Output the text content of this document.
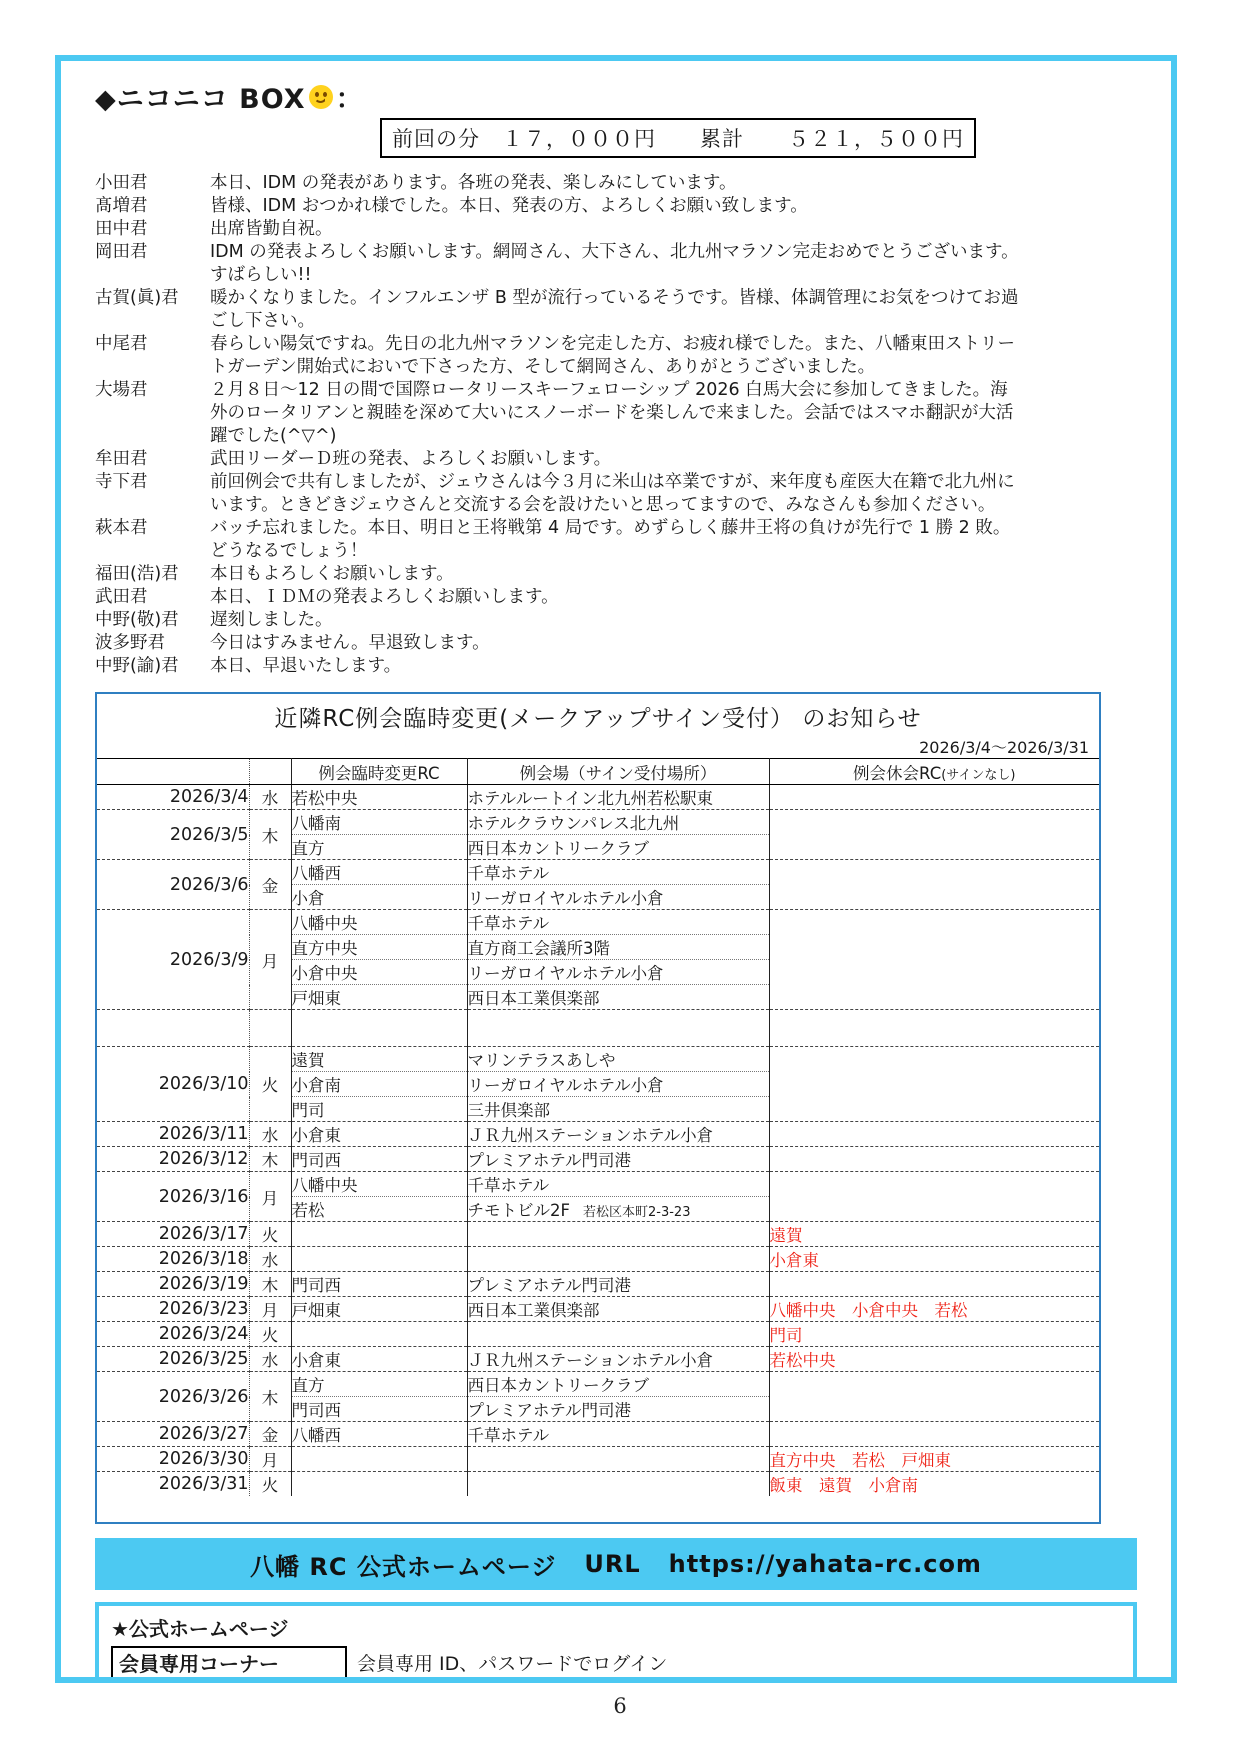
◆ニコニコ BOX ：
前回の分　１７，０００円　　累計　　５２１，５００円
小田君	本日、IDM の発表があります。各班の発表、楽しみにしています。
髙増君	皆様、IDM おつかれ様でした。本日、発表の方、よろしくお願い致します。
田中君	出席皆勤自祝。
岡田君	IDM の発表よろしくお願いします。網岡さん、大下さん、北九州マラソン完走おめでとうございます。すばらしい!!
古賀(眞)君	暖かくなりました。インフルエンザ B 型が流行っているそうです。皆様、体調管理にお気をつけてお過ごし下さい。
中尾君	春らしい陽気ですね。先日の北九州マラソンを完走した方、お疲れ様でした。また、八幡東田ストリートガーデン開始式においで下さった方、そして網岡さん、ありがとうございました。
大場君	２月８日～12 日の間で国際ロータリースキーフェローシップ 2026 白馬大会に参加してきました。海外のロータリアンと親睦を深めて大いにスノーボードを楽しんで来ました。会話ではスマホ翻訳が大活躍でした(^▽^)
牟田君	武田リーダーＤ班の発表、よろしくお願いします。
寺下君	前回例会で共有しましたが、ジェウさんは今３月に米山は卒業ですが、来年度も産医大在籍で北九州にいます。ときどきジェウさんと交流する会を設けたいと思ってますので、みなさんも参加ください。
萩本君	バッチ忘れました。本日、明日と王将戦第 4 局です。めずらしく藤井王将の負けが先行で 1 勝 2 敗。どうなるでしょう！
福田(浩)君	本日もよろしくお願いします。
武田君	本日、ＩＤＭの発表よろしくお願いします。
中野(敬)君	遅刻しました。
波多野君	今日はすみません。早退致します。
中野(諭)君	本日、早退いたします。
近隣RC例会臨時変更(メークアップサイン受付） のお知らせ
2026/3/4～2026/3/31
		例会臨時変更RC	例会場（サイン受付場所）	例会休会RC(サインなし)
2026/3/4	水	若松中央	ホテルルートイン北九州若松駅東	
2026/3/5	木	八幡南	ホテルクラウンパレス北九州	
		直方	西日本カントリークラブ	
2026/3/6	金	八幡西	千草ホテル	
		小倉	リーガロイヤルホテル小倉	
2026/3/9	月	八幡中央	千草ホテル	
		直方中央	直方商工会議所3階	
		小倉中央	リーガロイヤルホテル小倉	
		戸畑東	西日本工業倶楽部	

2026/3/10	火	遠賀	マリンテラスあしや	
		小倉南	リーガロイヤルホテル小倉	
		門司	三井倶楽部	
2026/3/11	水	小倉東	ＪＲ九州ステーションホテル小倉	
2026/3/12	木	門司西	プレミアホテル門司港	
2026/3/16	月	八幡中央	千草ホテル	
		若松	チモトビル2F　若松区本町2-3-23	
2026/3/17	火			遠賀
2026/3/18	水			小倉東
2026/3/19	木	門司西	プレミアホテル門司港	
2026/3/23	月	戸畑東	西日本工業倶楽部	八幡中央　小倉中央　若松
2026/3/24	火			門司
2026/3/25	水	小倉東	ＪＲ九州ステーションホテル小倉	若松中央
2026/3/26	木	直方	西日本カントリークラブ	
		門司西	プレミアホテル門司港	
2026/3/27	金	八幡西	千草ホテル	
2026/3/30	月			直方中央　若松　戸畑東
2026/3/31	火			飯東　遠賀　小倉南
八幡 RC 公式ホームページ URL https://yahata-rc.com
★公式ホームページ
会員専用コーナー	会員専用 ID、パスワードでログイン
6
